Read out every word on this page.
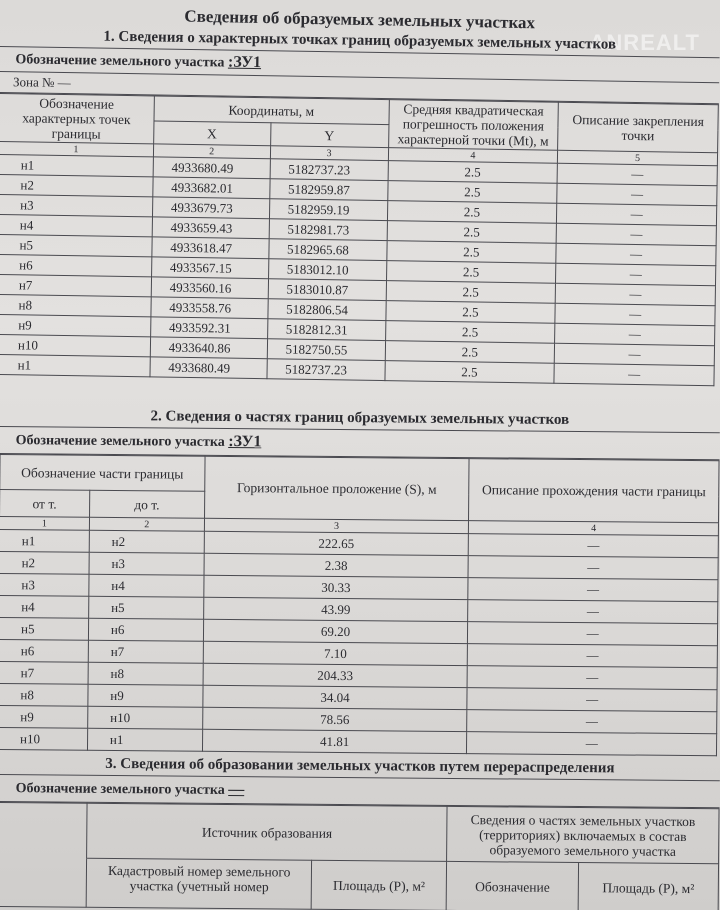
Сведения об образуемых земельных участках
ANREALT
1. Сведения о характерных точках границ образуемых земельных участков
Обозначение земельного участка :ЗУ1
Зона № —
Обозначение характерных точек границы	Координаты, м		Средняя квадратическая погрешность положения характерной точки (Mt), м	Описание закрепления точки
	X	Y		
1	2	3	4	5
н1	4933680.49	5182737.23	2.5	—
н2	4933682.01	5182959.87	2.5	—
н3	4933679.73	5182959.19	2.5	—
н4	4933659.43	5182981.73	2.5	—
н5	4933618.47	5182965.68	2.5	—
н6	4933567.15	5183012.10	2.5	—
н7	4933560.16	5183010.87	2.5	—
н8	4933558.76	5182806.54	2.5	—
н9	4933592.31	5182812.31	2.5	—
н10	4933640.86	5182750.55	2.5	—
н1	4933680.49	5182737.23	2.5	—
2. Сведения о частях границ образуемых земельных участков
Обозначение земельного участка :ЗУ1
Обозначение части границы		Горизонтальное проложение (S), м	Описание прохождения части границы
от т.	до т.		
1	2	3	4
н1	н2	222.65	—
н2	н3	2.38	—
н3	н4	30.33	—
н4	н5	43.99	—
н5	н6	69.20	—
н6	н7	7.10	—
н7	н8	204.33	—
н8	н9	34.04	—
н9	н10	78.56	—
н10	н1	41.81	—
3. Сведения об образовании земельных участков путем перераспределения
Обозначение земельного участка —
	Источник образования		Сведения о частях земельных участков (территориях) включаемых в состав образуемого земельного участка	
	Кадастровый номер земельного участка (учетный номер	Площадь (P), м²	Обозначение	Площадь (P), м²
